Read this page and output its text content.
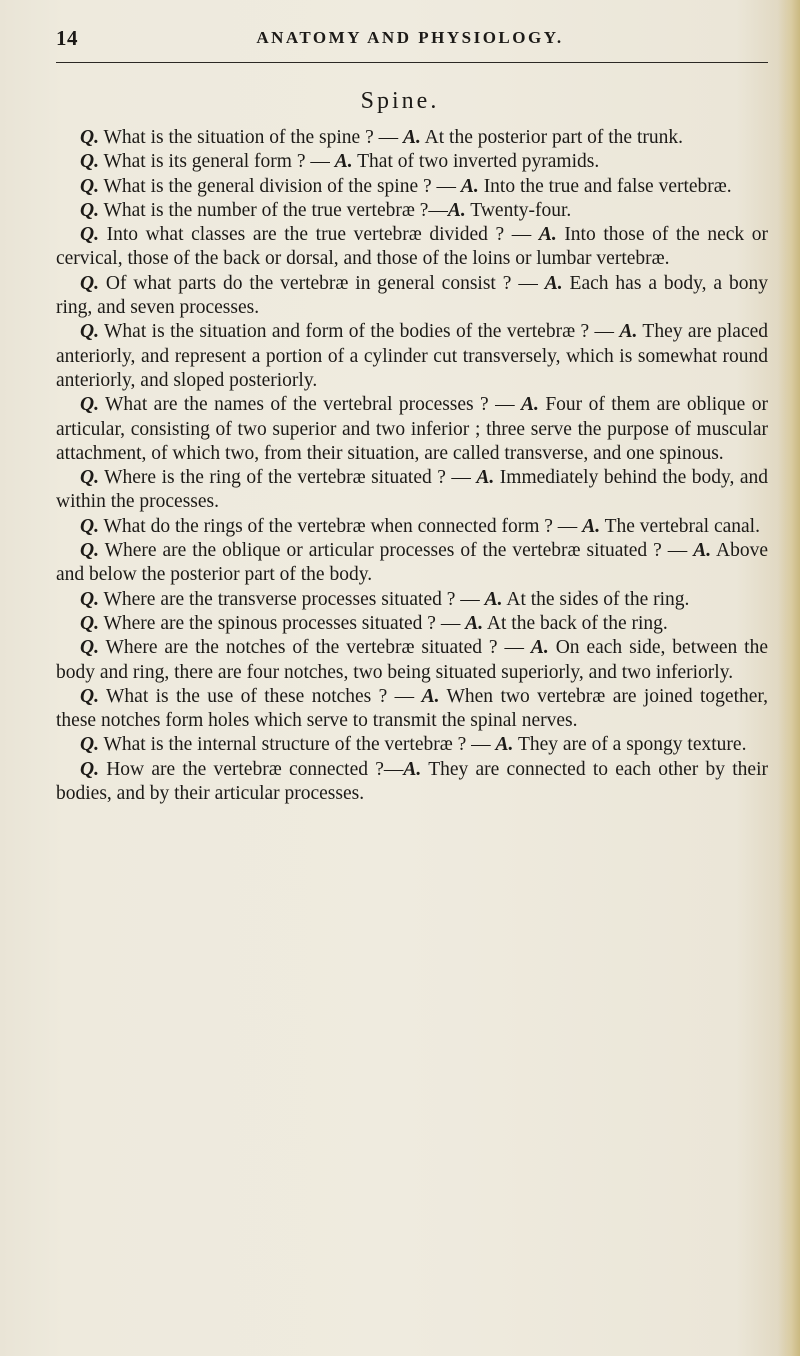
14	ANATOMY AND PHYSIOLOGY.
Spine.

Q. What is the situation of the spine ? — A. At the posterior part of the trunk.

Q. What is its general form ? — A. That of two inverted pyramids.

Q. What is the general division of the spine ? — A. Into the true and false vertebræ.

Q. What is the number of the true vertebræ ?—A. Twenty-four.

Q. Into what classes are the true vertebræ divided ? — A. Into those of the neck or cervical, those of the back or dorsal, and those of the loins or lumbar vertebræ.

Q. Of what parts do the vertebræ in general consist ? — A. Each has a body, a bony ring, and seven processes.

Q. What is the situation and form of the bodies of the vertebræ ? — A. They are placed anteriorly, and represent a portion of a cylinder cut transversely, which is somewhat round anteriorly, and sloped posteriorly.

Q. What are the names of the vertebral processes ? — A. Four of them are oblique or articular, consisting of two superior and two inferior ; three serve the purpose of muscular attachment, of which two, from their situation, are called transverse, and one spinous.

Q. Where is the ring of the vertebræ situated ? — A. Immediately behind the body, and within the processes.

Q. What do the rings of the vertebræ when connected form ? — A. The vertebral canal.

Q. Where are the oblique or articular processes of the vertebræ situated ? — A. Above and below the posterior part of the body.

Q. Where are the transverse processes situated ? — A. At the sides of the ring.

Q. Where are the spinous processes situated ? — A. At the back of the ring.

Q. Where are the notches of the vertebræ situated ? — A. On each side, between the body and ring, there are four notches, two being situated superiorly, and two inferiorly.

Q. What is the use of these notches ? — A. When two vertebræ are joined together, these notches form holes which serve to transmit the spinal nerves.

Q. What is the internal structure of the vertebræ ? — A. They are of a spongy texture.

Q. How are the vertebræ connected ?—A. They are connected to each other by their bodies, and by their articular processes.
